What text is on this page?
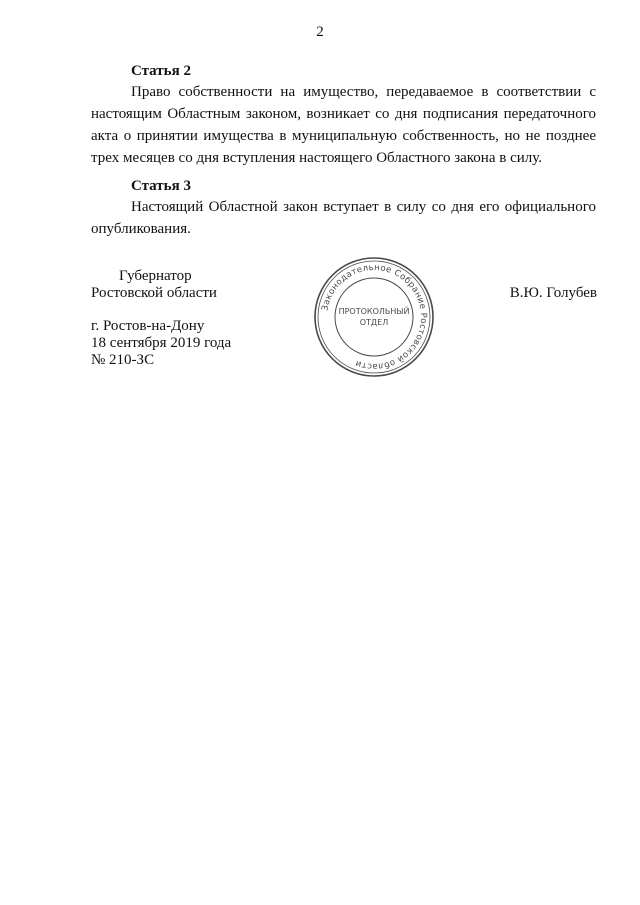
2
Статья 2
Право собственности на имущество, передаваемое в соответствии с
настоящим Областным законом, возникает со дня подписания передаточного
акта о принятии имущества в муниципальную собственность, но не позднее
трех месяцев со дня вступления настоящего Областного закона в силу.
Статья 3
Настоящий Областной закон вступает в силу со дня его официального
опубликования.
Губернатор
Ростовской области	В.Ю. Голубев
г. Ростов-на-Дону
18 сентября 2019 года
№ 210-ЗС
Законодательное Собрание Ростовской области
ПРОТОКОЛЬНЫЙ
ОТДЕЛ
